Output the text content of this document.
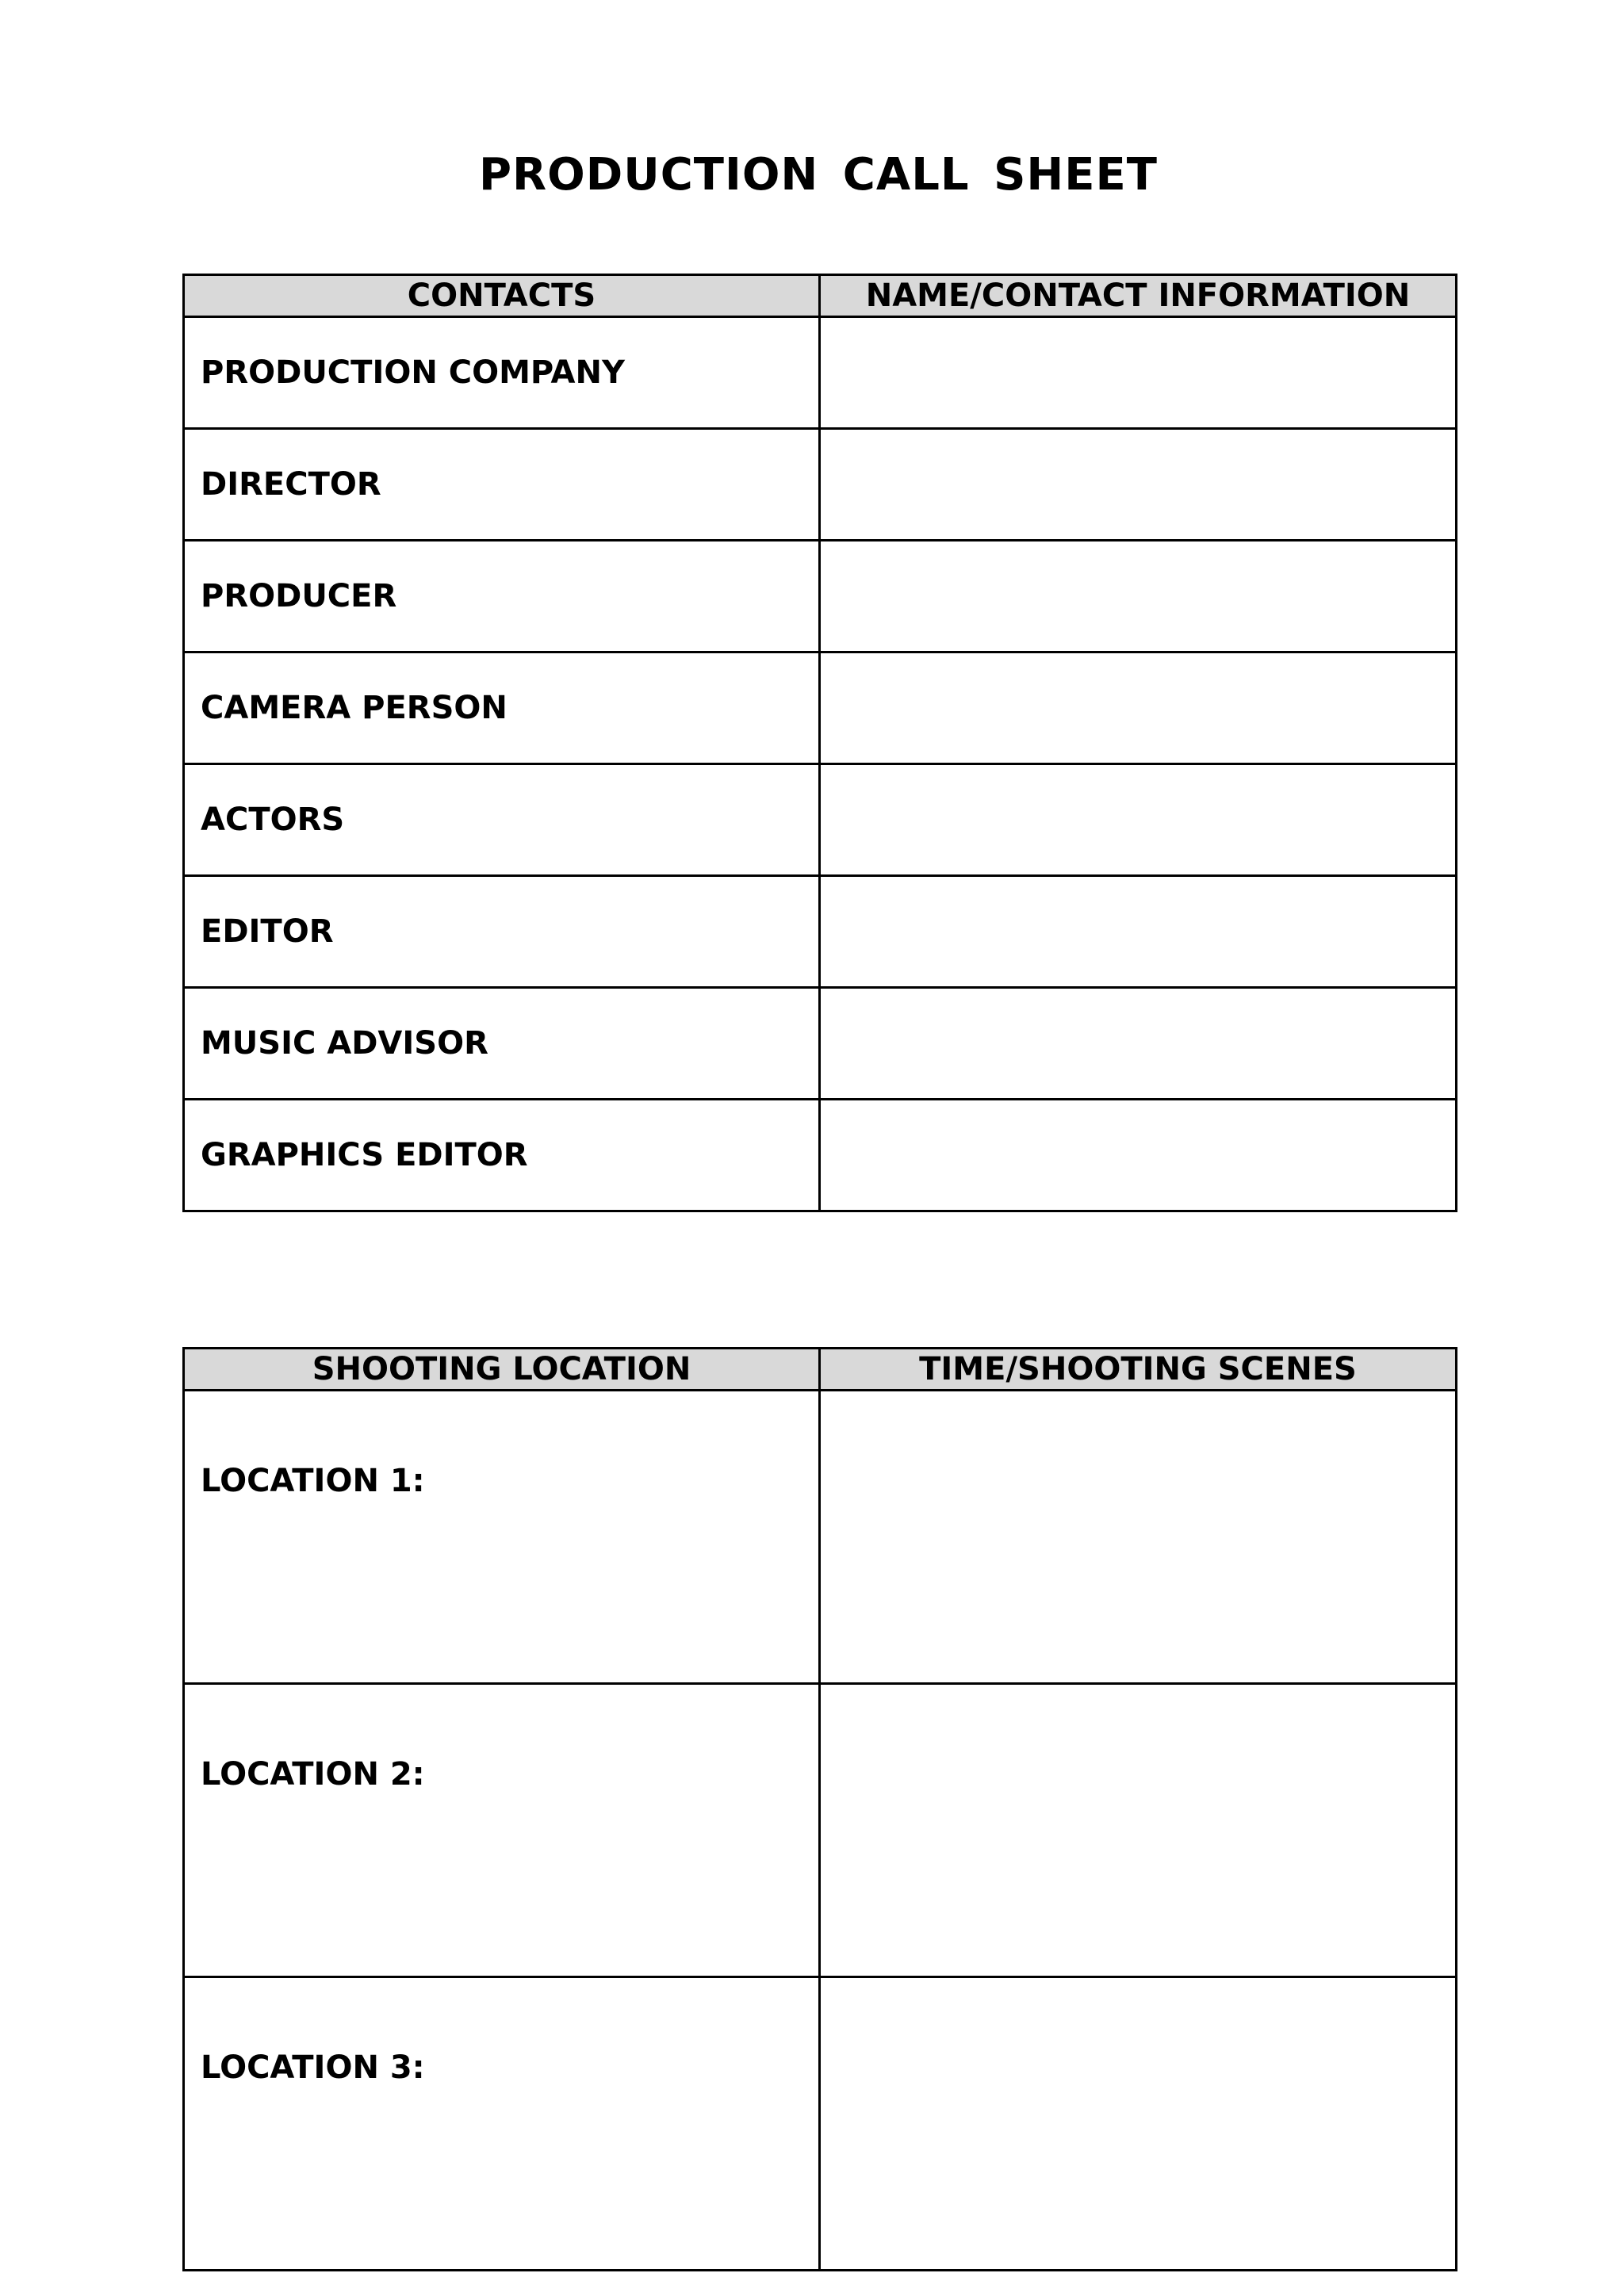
PRODUCTION CALL SHEET
CONTACTS	NAME/CONTACT INFORMATION
PRODUCTION COMPANY	
DIRECTOR	
PRODUCER	
CAMERA PERSON	
ACTORS	
EDITOR	
MUSIC ADVISOR	
GRAPHICS EDITOR	
SHOOTING LOCATION	TIME/SHOOTING SCENES
LOCATION 1:	
LOCATION 2:	
LOCATION 3:	
